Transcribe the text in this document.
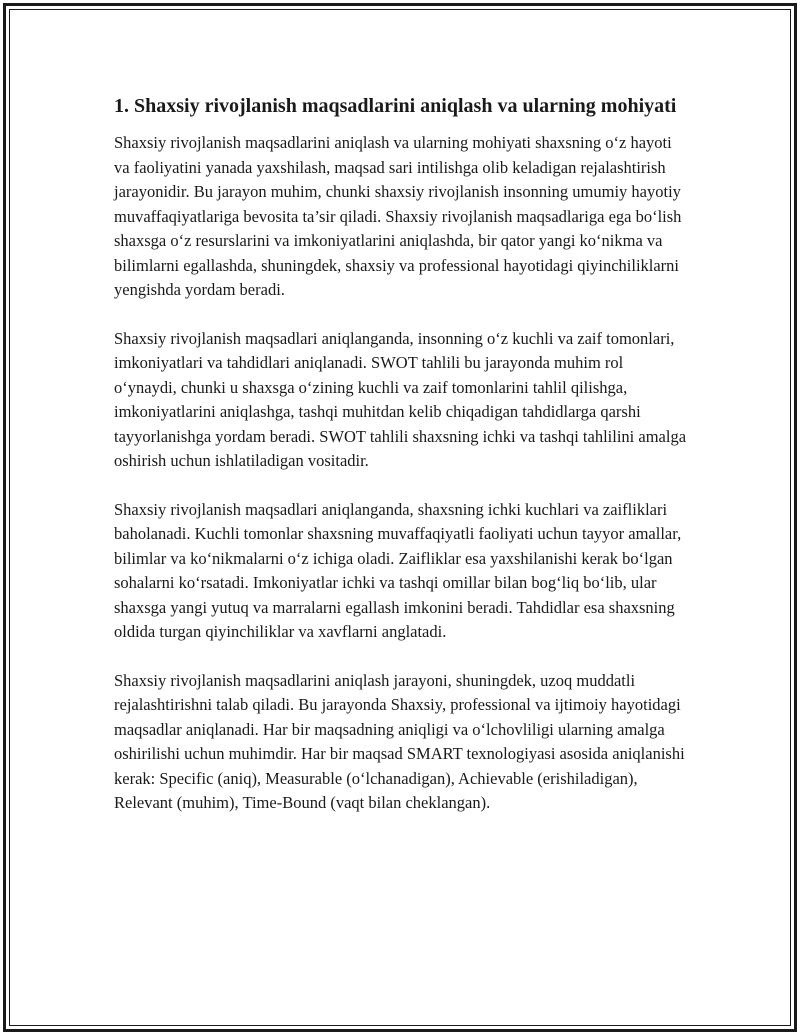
1. Shaxsiy rivojlanish maqsadlarini aniqlash va ularning mohiyati

Shaxsiy rivojlanish maqsadlarini aniqlash va ularning mohiyati shaxsning o‘z hayoti va faoliyatini yanada yaxshilash, maqsad sari intilishga olib keladigan rejalashtirish jarayonidir. Bu jarayon muhim, chunki shaxsiy rivojlanish insonning umumiy hayotiy muvaffaqiyatlariga bevosita ta’sir qiladi. Shaxsiy rivojlanish maqsadlariga ega bo‘lish shaxsga o‘z resurslarini va imkoniyatlarini aniqlashda, bir qator yangi ko‘nikma va bilimlarni egallashda, shuningdek, shaxsiy va professional hayotidagi qiyinchiliklarni yengishda yordam beradi.

Shaxsiy rivojlanish maqsadlari aniqlanganda, insonning o‘z kuchli va zaif tomonlari, imkoniyatlari va tahdidlari aniqlanadi. SWOT tahlili bu jarayonda muhim rol o‘ynaydi, chunki u shaxsga o‘zining kuchli va zaif tomonlarini tahlil qilishga, imkoniyatlarini aniqlashga, tashqi muhitdan kelib chiqadigan tahdidlarga qarshi tayyorlanishga yordam beradi. SWOT tahlili shaxsning ichki va tashqi tahlilini amalga oshirish uchun ishlatiladigan vositadir.

Shaxsiy rivojlanish maqsadlari aniqlanganda, shaxsning ichki kuchlari va zaifliklari baholanadi. Kuchli tomonlar shaxsning muvaffaqiyatli faoliyati uchun tayyor amallar, bilimlar va ko‘nikmalarni o‘z ichiga oladi. Zaifliklar esa yaxshilanishi kerak bo‘lgan sohalarni ko‘rsatadi. Imkoniyatlar ichki va tashqi omillar bilan bog‘liq bo‘lib, ular shaxsga yangi yutuq va marralarni egallash imkonini beradi. Tahdidlar esa shaxsning oldida turgan qiyinchiliklar va xavflarni anglatadi.

Shaxsiy rivojlanish maqsadlarini aniqlash jarayoni, shuningdek, uzoq muddatli rejalashtirishni talab qiladi. Bu jarayonda Shaxsiy, professional va ijtimoiy hayotidagi maqsadlar aniqlanadi. Har bir maqsadning aniqligi va o‘lchovliligi ularning amalga oshirilishi uchun muhimdir. Har bir maqsad SMART texnologiyasi asosida aniqlanishi kerak: Specific (aniq), Measurable (o‘lchanadigan), Achievable (erishiladigan), Relevant (muhim), Time-Bound (vaqt bilan cheklangan).
